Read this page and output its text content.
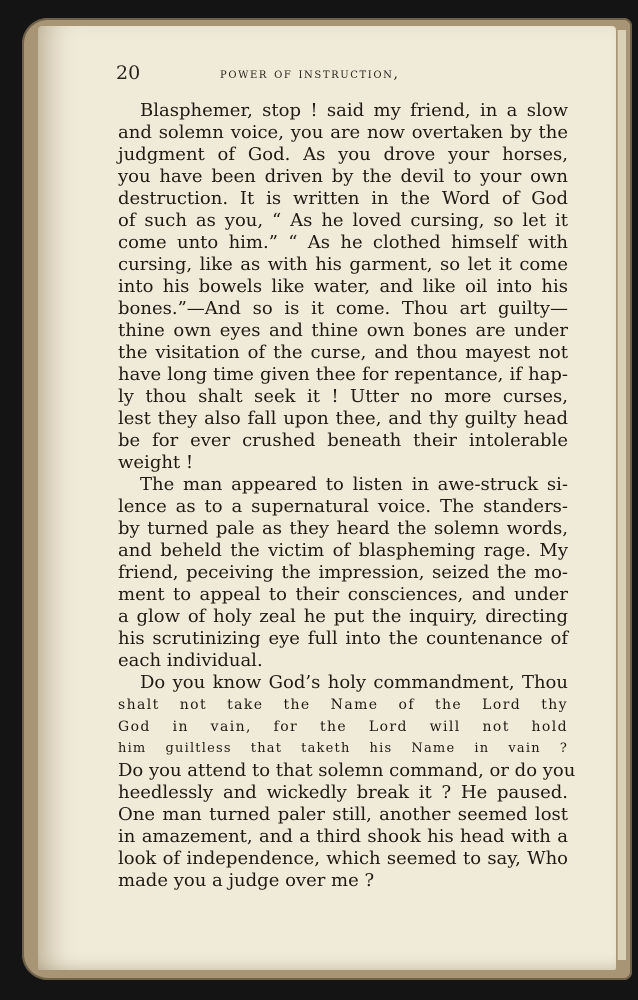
20	power of instruction,
Blasphemer, stop ! said my friend, in a slow
and solemn voice, you are now overtaken by the
judgment of God. As you drove your horses,
you have been driven by the devil to your own
destruction. It is written in the Word of God
of such as you, “ As he loved cursing, so let it
come unto him.” “ As he clothed himself with
cursing, like as with his garment, so let it come
into his bowels like water, and like oil into his
bones.”—And so is it come. Thou art guilty—
thine own eyes and thine own bones are under
the visitation of the curse, and thou mayest not
have long time given thee for repentance, if hap-
ly thou shalt seek it ! Utter no more curses,
lest they also fall upon thee, and thy guilty head
be for ever crushed beneath their intolerable
weight !
The man appeared to listen in awe-struck si-
lence as to a supernatural voice. The standers-
by turned pale as they heard the solemn words,
and beheld the victim of blaspheming rage. My
friend, peceiving the impression, seized the mo-
ment to appeal to their consciences, and under
a glow of holy zeal he put the inquiry, directing
his scrutinizing eye full into the countenance of
each individual.
Do you know God’s holy commandment, Thou
shalt not take the Name of the Lord thy
God in vain, for the Lord will not hold
him guiltless that taketh his Name in vain ?
Do you attend to that solemn command, or do you
heedlessly and wickedly break it ? He paused.
One man turned paler still, another seemed lost
in amazement, and a third shook his head with a
look of independence, which seemed to say, Who
made you a judge over me ?
